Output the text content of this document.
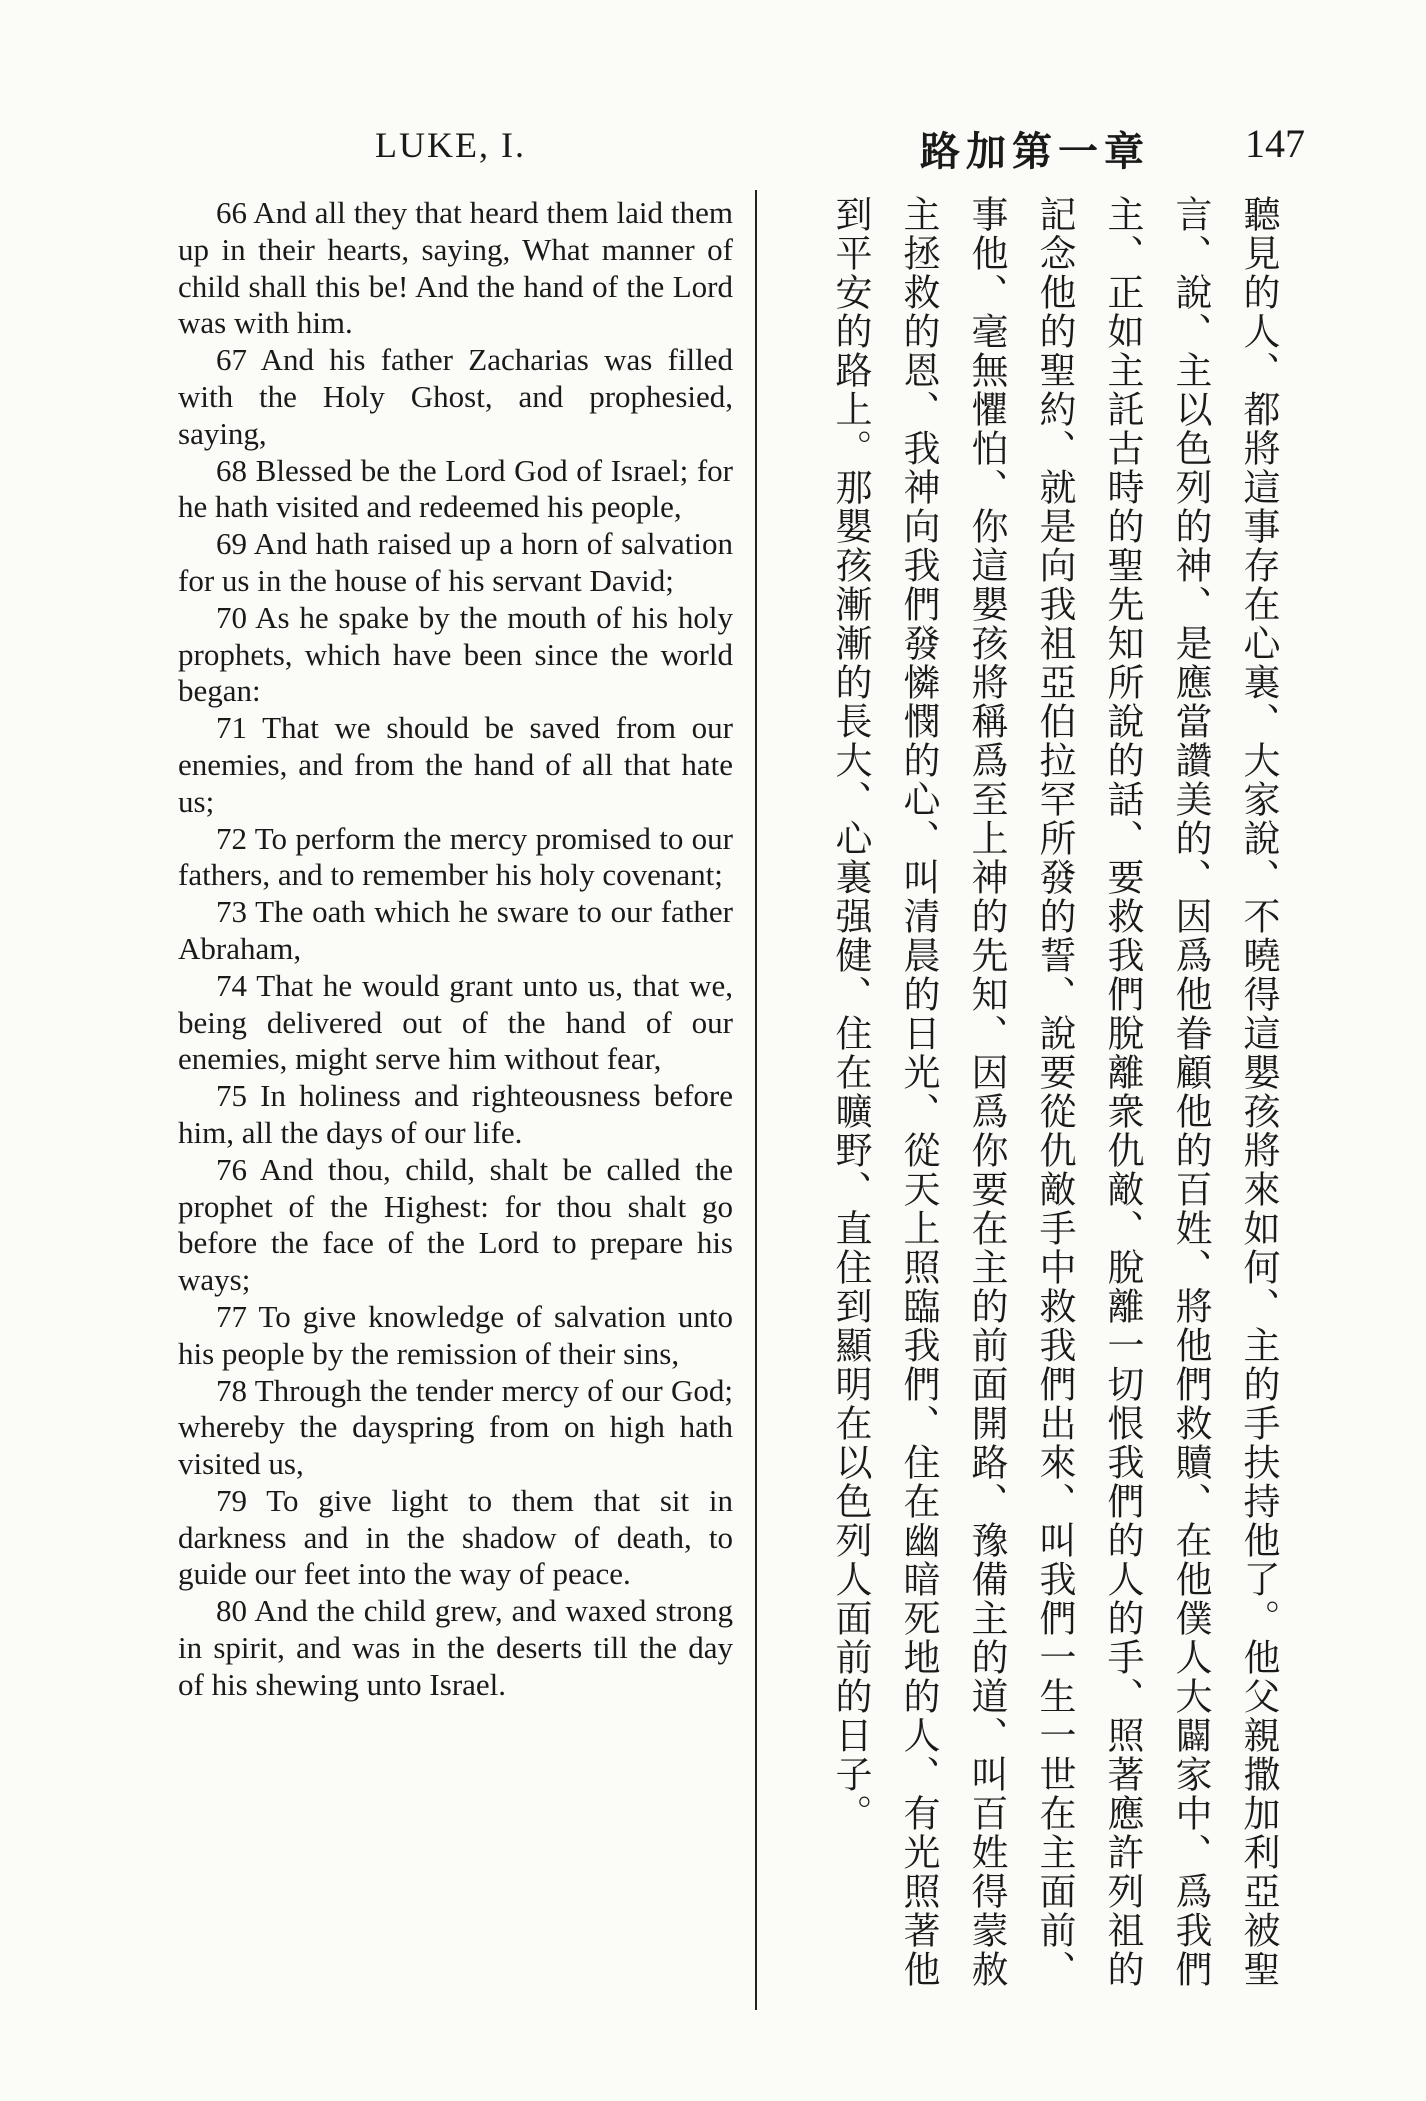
LUKE, I.	路加第一章 147

66 And all they that heard them laid them up in their hearts, saying, What manner of child shall this be! And the hand of the Lord was with him.

67 And his father Zacharias was filled with the Holy Ghost, and prophesied, saying,

68 Blessed be the Lord God of Israel; for he hath visited and redeemed his people,

69 And hath raised up a horn of salvation for us in the house of his servant David;

70 As he spake by the mouth of his holy prophets, which have been since the world began:

71 That we should be saved from our enemies, and from the hand of all that hate us;

72 To perform the mercy promised to our fathers, and to remember his holy covenant;

73 The oath which he sware to our father Abraham,

74 That he would grant unto us, that we, being delivered out of the hand of our enemies, might serve him without fear,

75 In holiness and righteousness before him, all the days of our life.

76 And thou, child, shalt be called the prophet of the Highest: for thou shalt go before the face of the Lord to prepare his ways;

77 To give knowledge of salvation unto his people by the remission of their sins,

78 Through the tender mercy of our God; whereby the dayspring from on high hath visited us,

79 To give light to them that sit in darkness and in the shadow of death, to guide our feet into the way of peace.

80 And the child grew, and waxed strong in spirit, and was in the deserts till the day of his shewing unto Israel.

聽見的人、都將這事存在心裏、大家說、不曉得這嬰孩將來如何、主的手扶持他了。他父親撒加利亞被聖
言、說、主以色列的神、是應當讚美的、因爲他眷顧他的百姓、將他們救贖、在他僕人大闢家中、爲我們
主、正如主託古時的聖先知所說的話、要救我們脫離衆仇敵、脫離一切恨我們的人的手、照著應許列祖的
記念他的聖約、就是向我祖亞伯拉罕所發的誓、說要從仇敵手中救我們出來、叫我們一生一世在主面前、
事他、毫無懼怕、你這嬰孩將稱爲至上神的先知、因爲你要在主的前面開路、豫備主的道、叫百姓得蒙赦
主拯救的恩、我神向我們發憐憫的心、叫清晨的日光、從天上照臨我們、住在幽暗死地的人、有光照著他
到平安的路上。那嬰孩漸漸的長大、心裏强健、住在曠野、直住到顯明在以色列人面前的日子。
